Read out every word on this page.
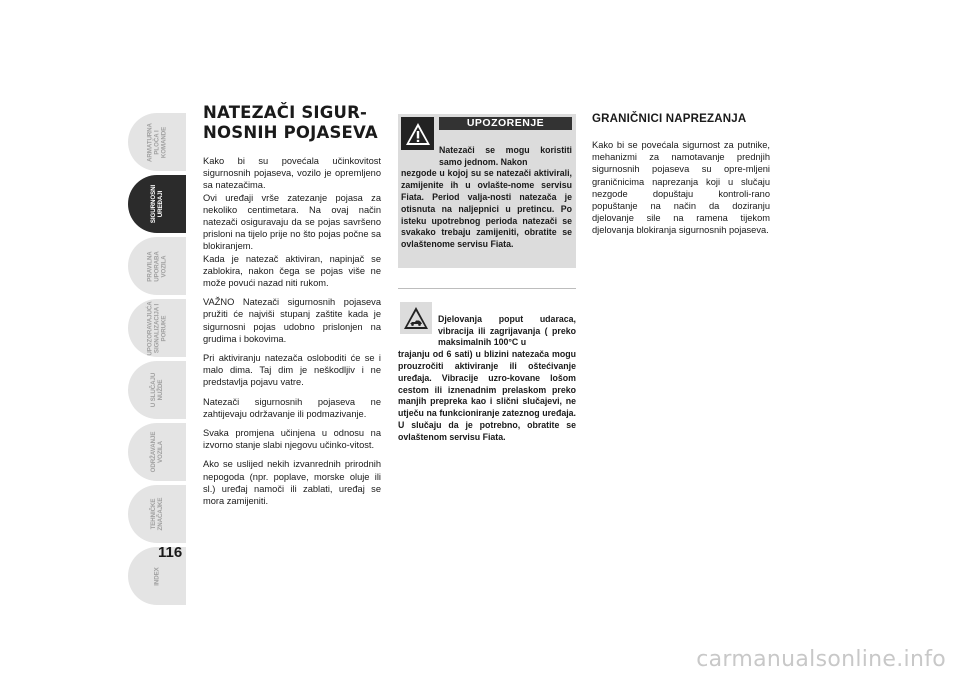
ARMATURNA
PLOČA I
KOMANDE
SIGURNOSNI
UREĐAJI
PRAVILNA
UPORABA
VOZILA
UPOZORAVAJUĆA
SIGNALIZACIJA I
PORUKE
U SLUČAJU
NUŽDE
ODRŽAVANJE
VOZILA
TEHNIČKE
ZNAČAJKE
INDEX
116
NATEZAČI SIGUR-
NOSNIH POJASEVA

Kako bi su povećala učinkovitost sigurnosnih pojaseva, vozilo je opremljeno sa natezačima.
Ovi uređaji vrše zatezanje pojasa za nekoliko centimetara. Na ovaj način natezači osiguravaju da se pojas savršeno prisloni na tijelo prije no što pojas počne sa blokiranjem.
Kada je natezač aktiviran, napinjač se zablokira, nakon čega se pojas više ne može povući nazad niti rukom.

VAŽNO Natezači sigurnosnih pojaseva pružiti će najviši stupanj zaštite kada je sigurnosni pojas udobno prislonjen na grudima i bokovima.

Pri aktiviranju natezača osloboditi će se i malo dima. Taj dim je neškodljiv i ne predstavlja pojavu vatre.

Natezači sigurnosnih pojaseva ne zahtijevaju održavanje ili podmazivanje.

Svaka promjena učinjena u odnosu na izvorno stanje slabi njegovu učinko-vitost.

Ako se uslijed nekih izvanrednih prirodnih nepogoda (npr. poplave, morske oluje ili sl.) uređaj namoči ili zablati, uređaj se mora zamijeniti.

UPOZORENJE

Natezači se mogu koristiti samo jednom. Nakon
nezgode u kojoj su se natezači aktivirali, zamijenite ih u ovlašte-nome servisu Fiata. Period valja-nosti natezača je otisnuta na naljepnici u pretincu. Po isteku upotrebnog perioda natezači se svakako trebaju zamijeniti, obratite se ovlaštenome servisu Fiata.

Djelovanja poput udaraca, vibracija ili zagrijavanja ( preko maksimalnih 100°C u
trajanju od 6 sati) u blizini natezača mogu prouzročiti aktiviranje ili oštećivanje uređaja. Vibracije uzro-kovane lošom cestom ili iznenadnim prelaskom preko manjih prepreka kao i slični slučajevi, ne utječu na funkcioniranje zateznog uređaja. U slučaju da je potrebno, obratite se ovlaštenom servisu Fiata.

GRANIČNICI NAPREZANJA

Kako bi se povećala sigurnost za putnike, mehanizmi za namotavanje prednjih sigurnosnih pojaseva su opre-mljeni graničnicima naprezanja koji u slučaju nezgode dopuštaju kontroli-rano popuštanje na način da doziranju djelovanje sile na ramena tijekom djelovanja blokiranja sigurnosnih pojaseva.

carmanualsonline.info
